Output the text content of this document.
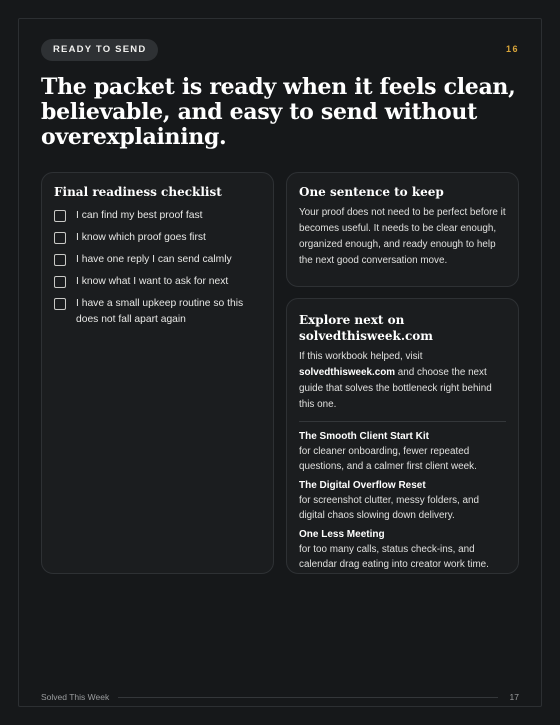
READY TO SEND	16
The packet is ready when it feels clean, believable, and easy to send without overexplaining.
Final readiness checklist
I can find my best proof fast
I know which proof goes first
I have one reply I can send calmly
I know what I want to ask for next
I have a small upkeep routine so this does not fall apart again
One sentence to keep

Your proof does not need to be perfect before it becomes useful. It needs to be clear enough, organized enough, and ready enough to help the next good conversation move.

Explore next on solvedthisweek.com

If this workbook helped, visit solvedthisweek.com and choose the next guide that solves the bottleneck right behind this one.

The Smooth Client Start Kit
for cleaner onboarding, fewer repeated questions, and a calmer first client week.
The Digital Overflow Reset
for screenshot clutter, messy folders, and digital chaos slowing down delivery.
One Less Meeting
for too many calls, status check-ins, and calendar drag eating into creator work time.
Solved This Week	17
